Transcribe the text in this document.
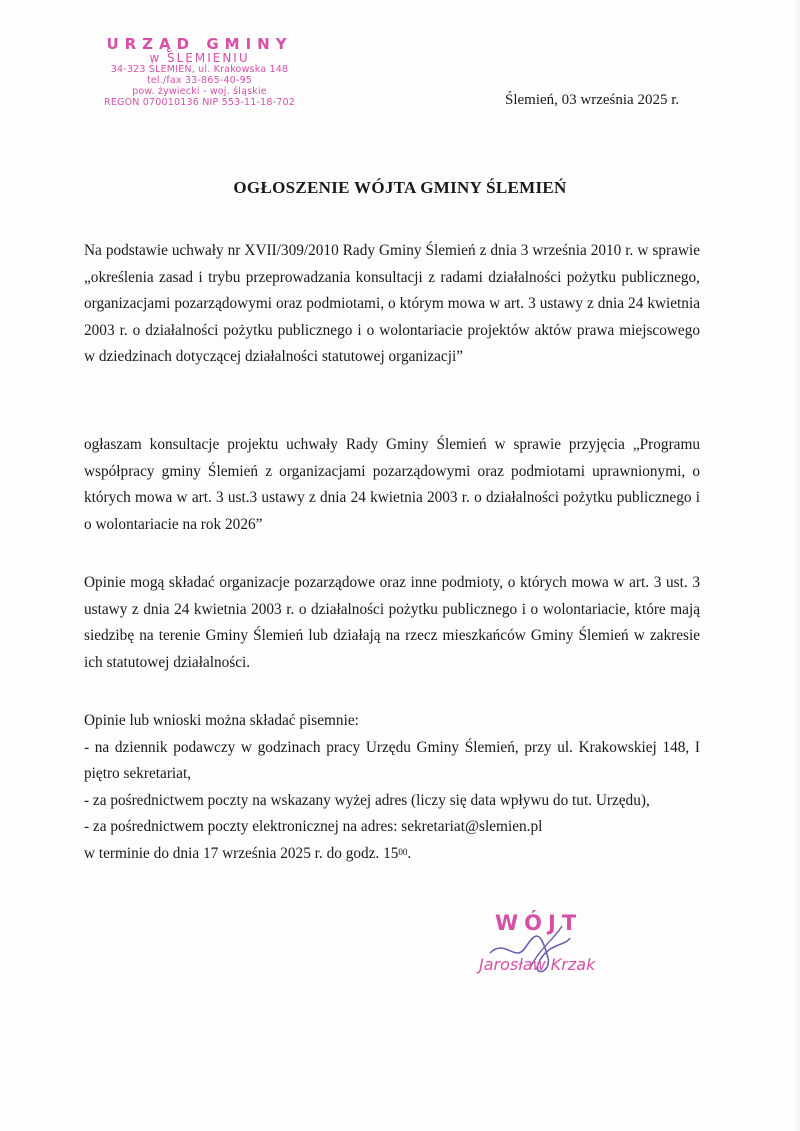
URZĄD GMINY
w ŚLEMIENIU
34-323 ŚLEMIEŃ, ul. Krakowska 148
tel./fax 33-865-40-95
pow. żywiecki - woj. śląskie
REGON 070010136 NIP 553-11-18-702	Ślemień, 03 września 2025 r.
OGŁOSZENIE WÓJTA GMINY ŚLEMIEŃ

Na podstawie uchwały nr XVII/309/2010 Rady Gminy Ślemień z dnia 3 września 2010 r. w sprawie „określenia zasad i trybu przeprowadzania konsultacji z radami działalności pożytku publicznego, organizacjami pozarządowymi oraz podmiotami, o którym mowa w art. 3 ustawy z dnia 24 kwietnia 2003 r. o działalności pożytku publicznego i o wolontariacie projektów aktów prawa miejscowego w dziedzinach dotyczącej działalności statutowej organizacji”

ogłaszam konsultacje projektu uchwały Rady Gminy Ślemień w sprawie przyjęcia „Programu współpracy gminy Ślemień z organizacjami pozarządowymi oraz podmiotami uprawnionymi, o których mowa w art. 3 ust.3 ustawy z dnia 24 kwietnia 2003 r. o działalności pożytku publicznego i o wolontariacie na rok 2026”

Opinie mogą składać organizacje pozarządowe oraz inne podmioty, o których mowa w art. 3 ust. 3 ustawy z dnia 24 kwietnia 2003 r. o działalności pożytku publicznego i o wolontariacie, które mają siedzibę na terenie Gminy Ślemień lub działają na rzecz mieszkańców Gminy Ślemień w zakresie ich statutowej działalności.

Opinie lub wnioski można składać pisemnie:
- na dziennik podawczy w godzinach pracy Urzędu Gminy Ślemień, przy ul. Krakowskiej 148, I piętro sekretariat,
- za pośrednictwem poczty na wskazany wyżej adres (liczy się data wpływu do tut. Urzędu),
- za pośrednictwem poczty elektronicznej na adres: sekretariat@slemien.pl
w terminie do dnia 17 września 2025 r. do godz. $15^{00}$.
WÓJT
Jarosław Krzak
